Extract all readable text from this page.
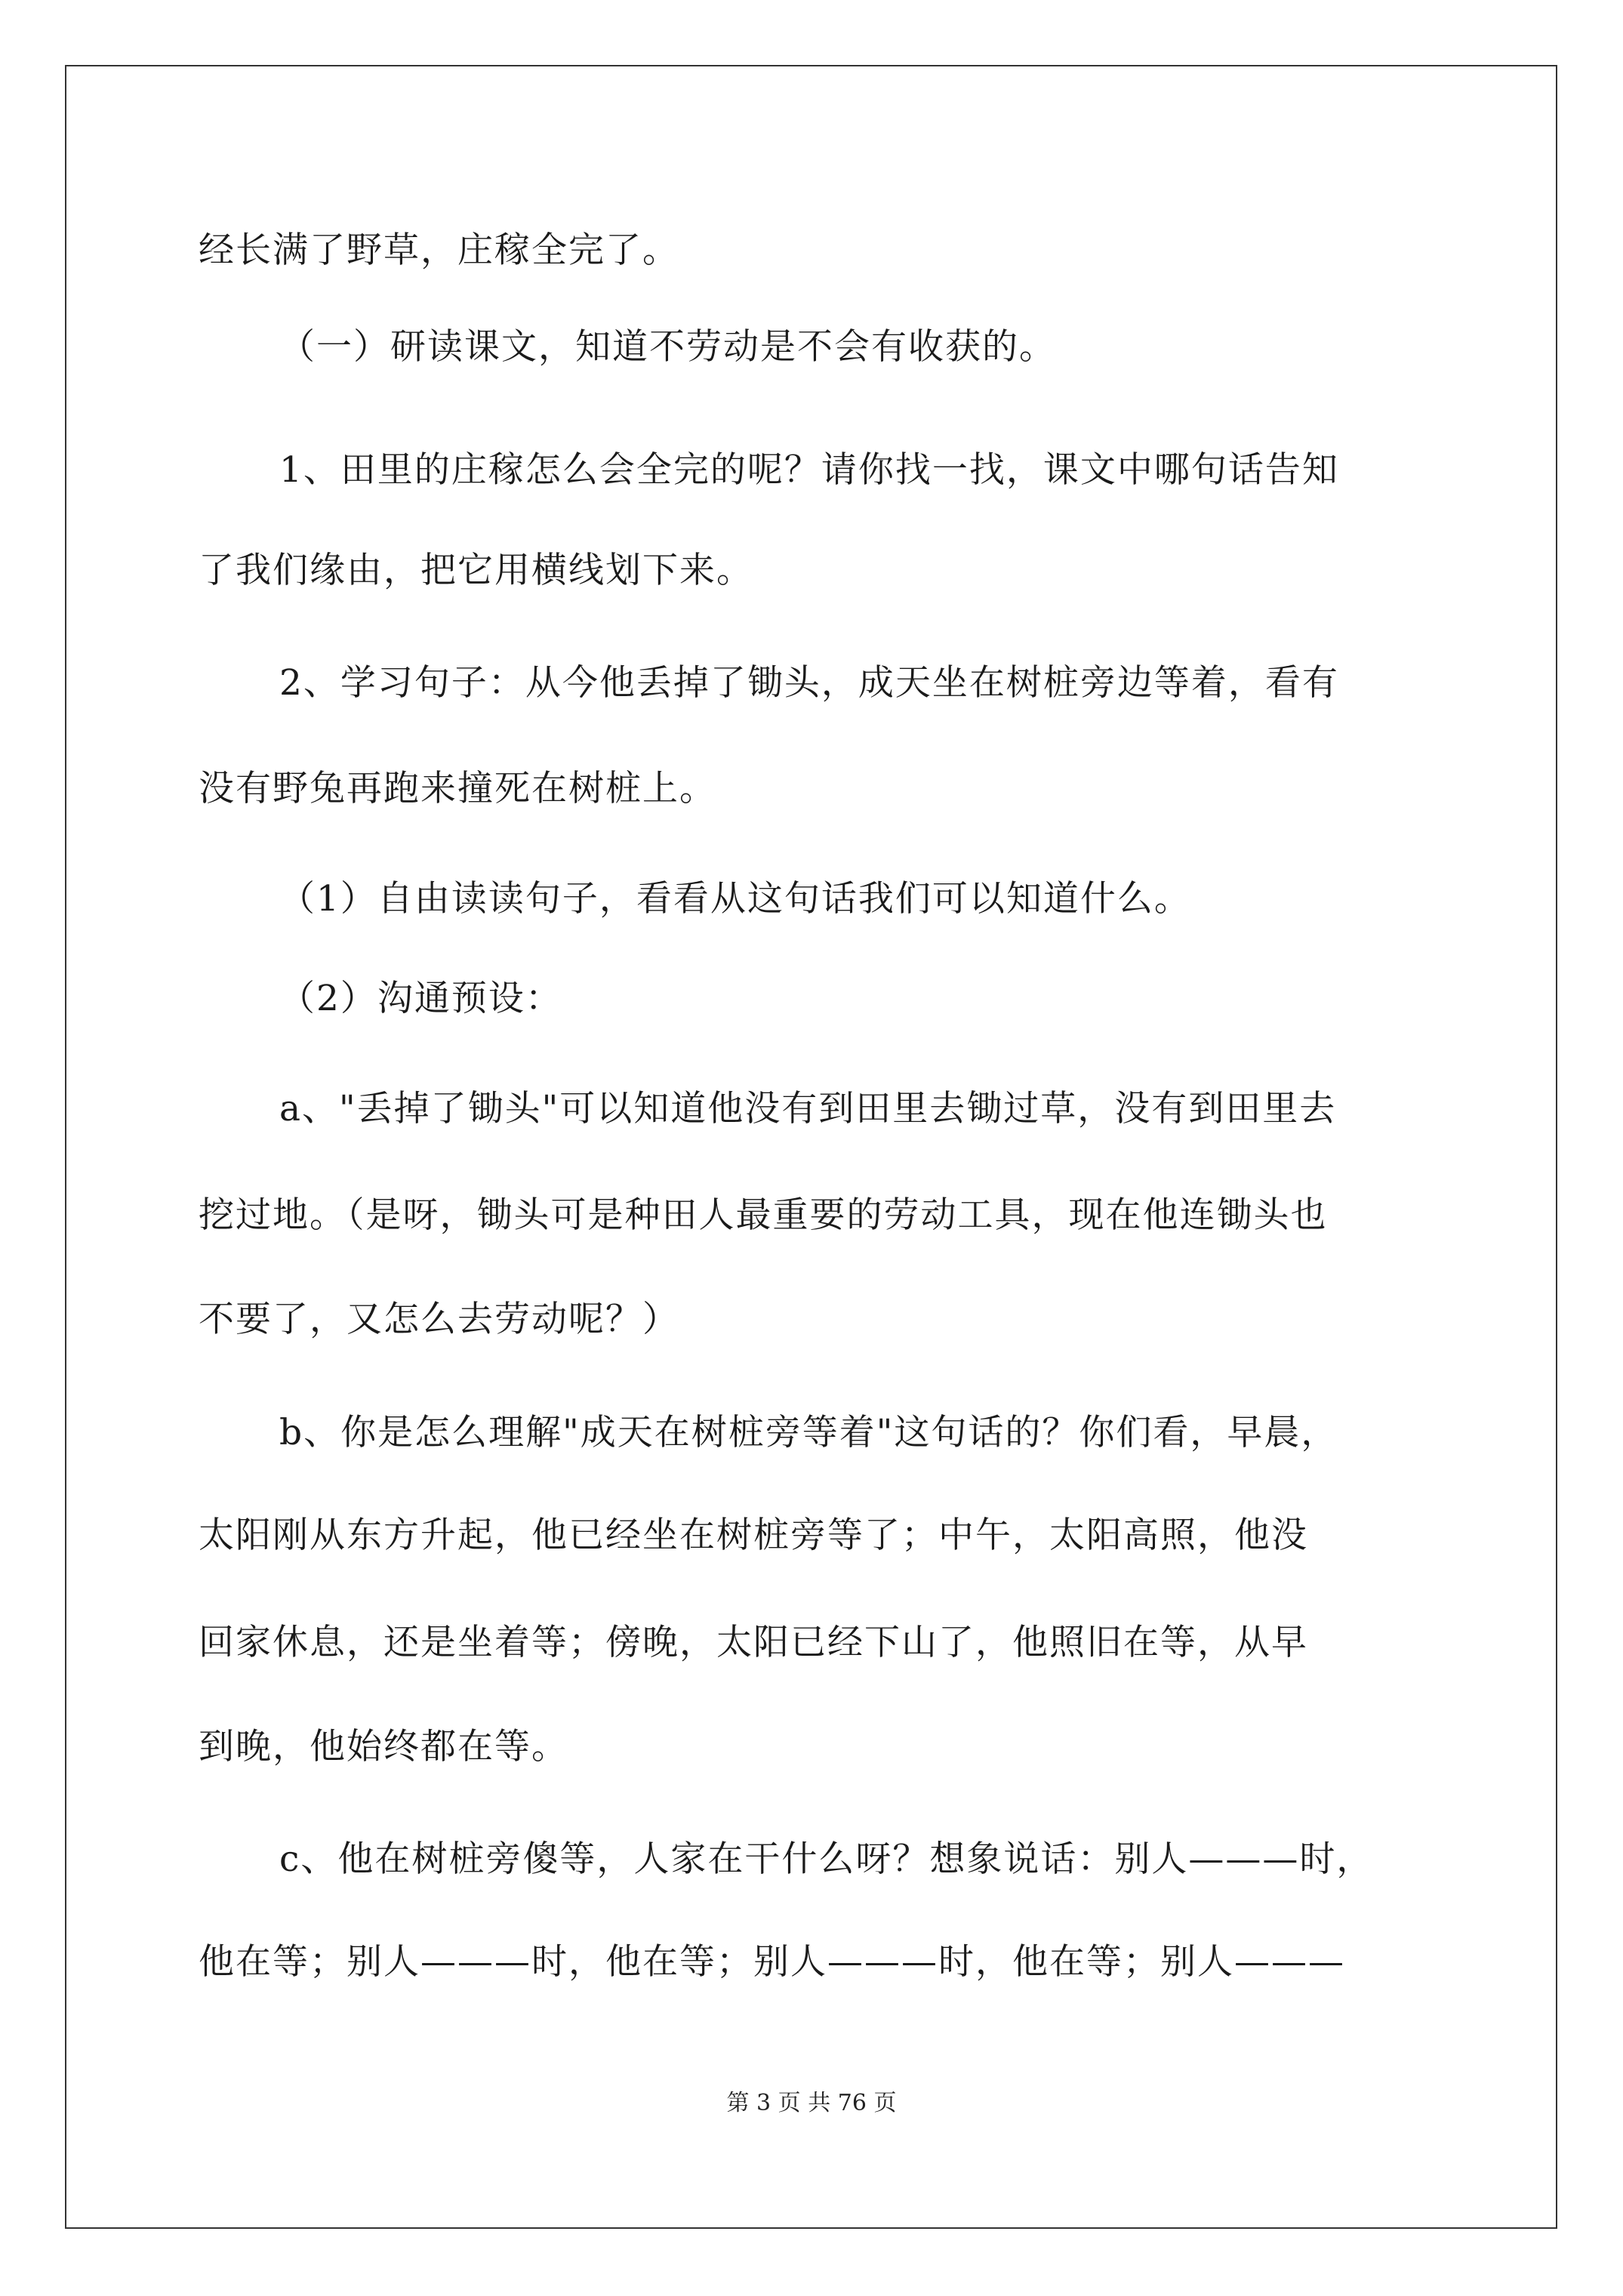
经长满了野草，庄稼全完了。
（一）研读课文，知道不劳动是不会有收获的。
1、田里的庄稼怎么会全完的呢？请你找一找，课文中哪句话告知
了我们缘由，把它用横线划下来。
2、学习句子：从今他丢掉了锄头，成天坐在树桩旁边等着，看有
没有野兔再跑来撞死在树桩上。
（1）自由读读句子，看看从这句话我们可以知道什么。
（2）沟通预设：
a、"丢掉了锄头"可以知道他没有到田里去锄过草，没有到田里去
挖过地。（是呀，锄头可是种田人最重要的劳动工具，现在他连锄头也
不要了，又怎么去劳动呢？）
b、你是怎么理解"成天在树桩旁等着"这句话的？你们看，早晨，
太阳刚从东方升起，他已经坐在树桩旁等了；中午，太阳高照，他没
回家休息，还是坐着等；傍晚，太阳已经下山了，他照旧在等，从早
到晚，他始终都在等。
c、他在树桩旁傻等，人家在干什么呀？想象说话：别人———时，
他在等；别人———时，他在等；别人———时，他在等；别人———
第 3 页 共 76 页
